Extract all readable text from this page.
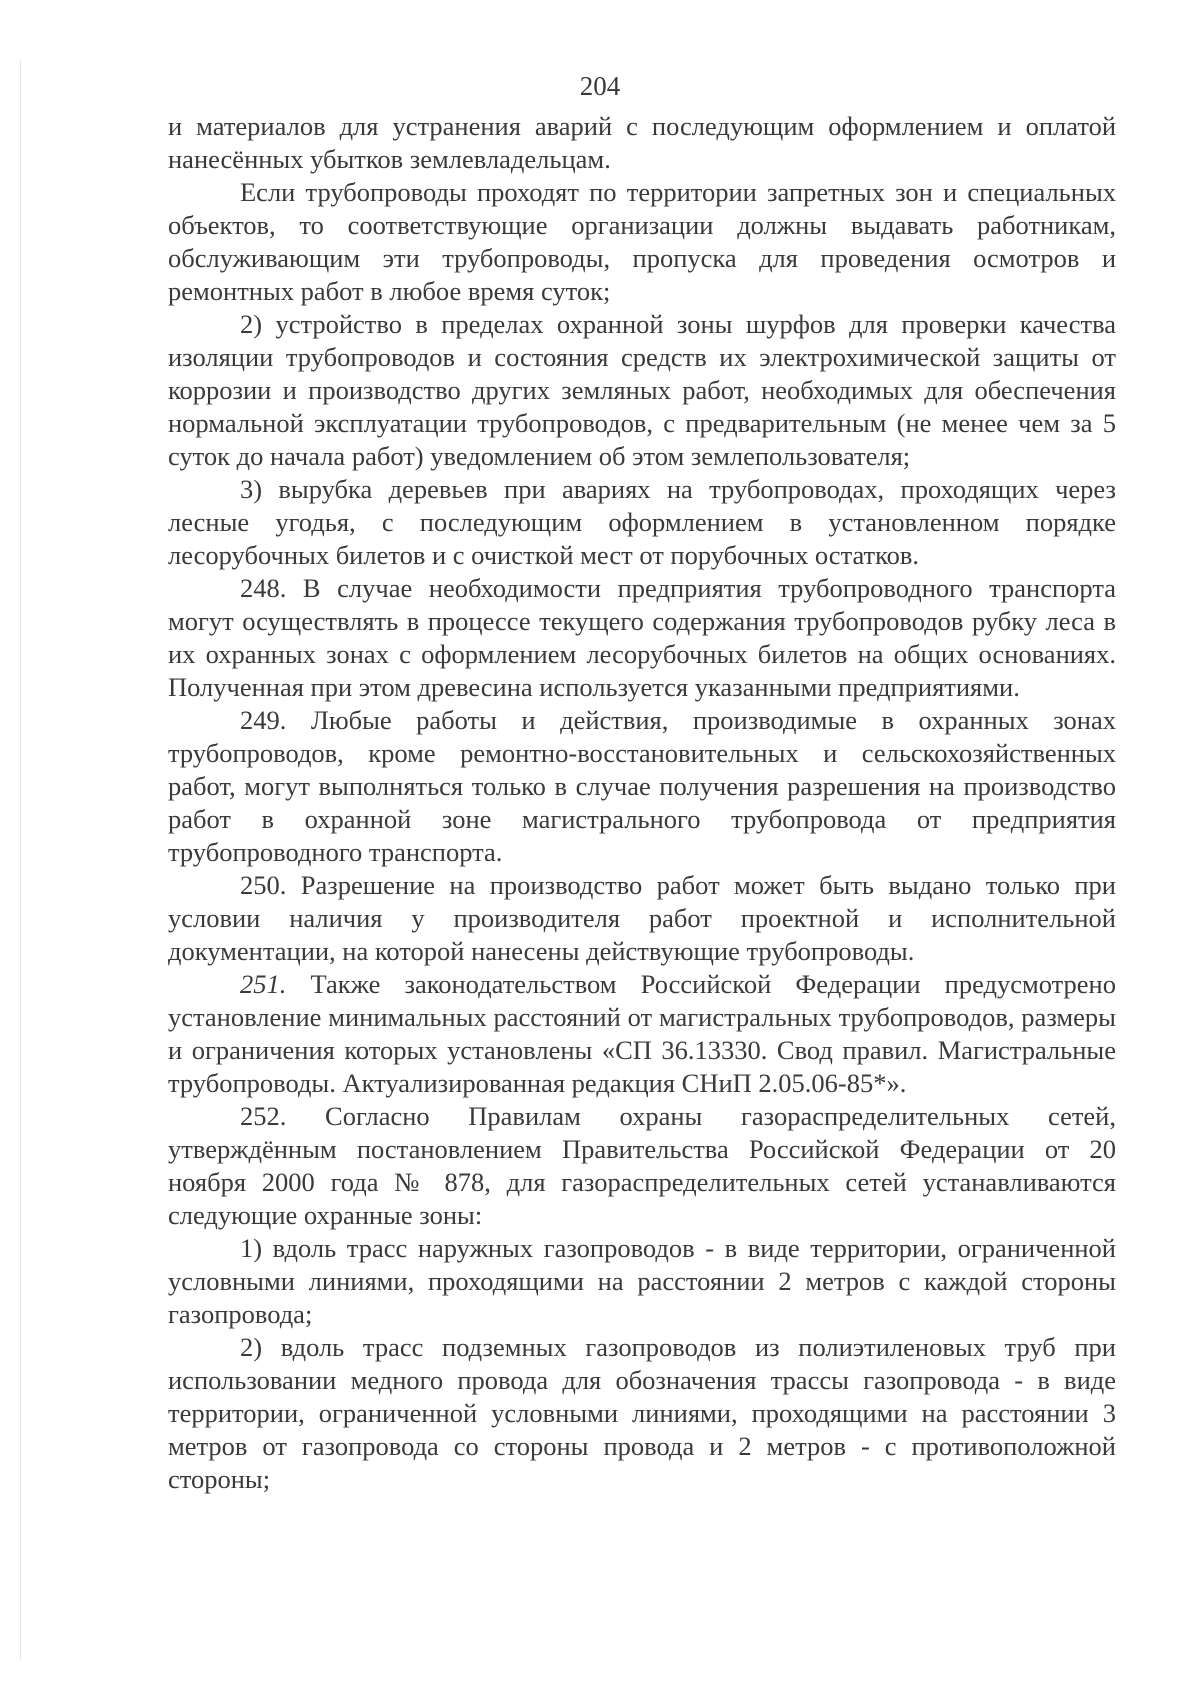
204

и материалов для устранения аварий с последующим оформлением и оплатой нанесённых убытков землевладельцам.

Если трубопроводы проходят по территории запретных зон и специальных объектов, то соответствующие организации должны выдавать работникам, обслуживающим эти трубопроводы, пропуска для проведения осмотров и ремонтных работ в любое время суток;

2) устройство в пределах охранной зоны шурфов для проверки качества изоляции трубопроводов и состояния средств их электрохимической защиты от коррозии и производство других земляных работ, необходимых для обеспечения нормальной эксплуатации трубопроводов, с предварительным (не менее чем за 5 суток до начала работ) уведомлением об этом землепользователя;

3) вырубка деревьев при авариях на трубопроводах, проходящих через лесные угодья, с последующим оформлением в установленном порядке лесорубочных билетов и с очисткой мест от порубочных остатков.

248. В случае необходимости предприятия трубопроводного транспорта могут осуществлять в процессе текущего содержания трубопроводов рубку леса в их охранных зонах с оформлением лесорубочных билетов на общих основаниях. Полученная при этом древесина используется указанными предприятиями.

249. Любые работы и действия, производимые в охранных зонах трубопроводов, кроме ремонтно-восстановительных и сельскохозяйственных работ, могут выполняться только в случае получения разрешения на производство работ в охранной зоне магистрального трубопровода от предприятия трубопроводного транспорта.

250. Разрешение на производство работ может быть выдано только при условии наличия у производителя работ проектной и исполнительной документации, на которой нанесены действующие трубопроводы.

251. Также законодательством Российской Федерации предусмотрено установление минимальных расстояний от магистральных трубопроводов, размеры и ограничения которых установлены «СП 36.13330. Свод правил. Магистральные трубопроводы. Актуализированная редакция СНиП 2.05.06-85*».

252. Согласно Правилам охраны газораспределительных сетей, утверждённым постановлением Правительства Российской Федерации от 20 ноября 2000 года № 878, для газораспределительных сетей устанавливаются следующие охранные зоны:

1) вдоль трасс наружных газопроводов - в виде территории, ограниченной условными линиями, проходящими на расстоянии 2 метров с каждой стороны газопровода;

2) вдоль трасс подземных газопроводов из полиэтиленовых труб при использовании медного провода для обозначения трассы газопровода - в виде территории, ограниченной условными линиями, проходящими на расстоянии 3 метров от газопровода со стороны провода и 2 метров - с противоположной стороны;
